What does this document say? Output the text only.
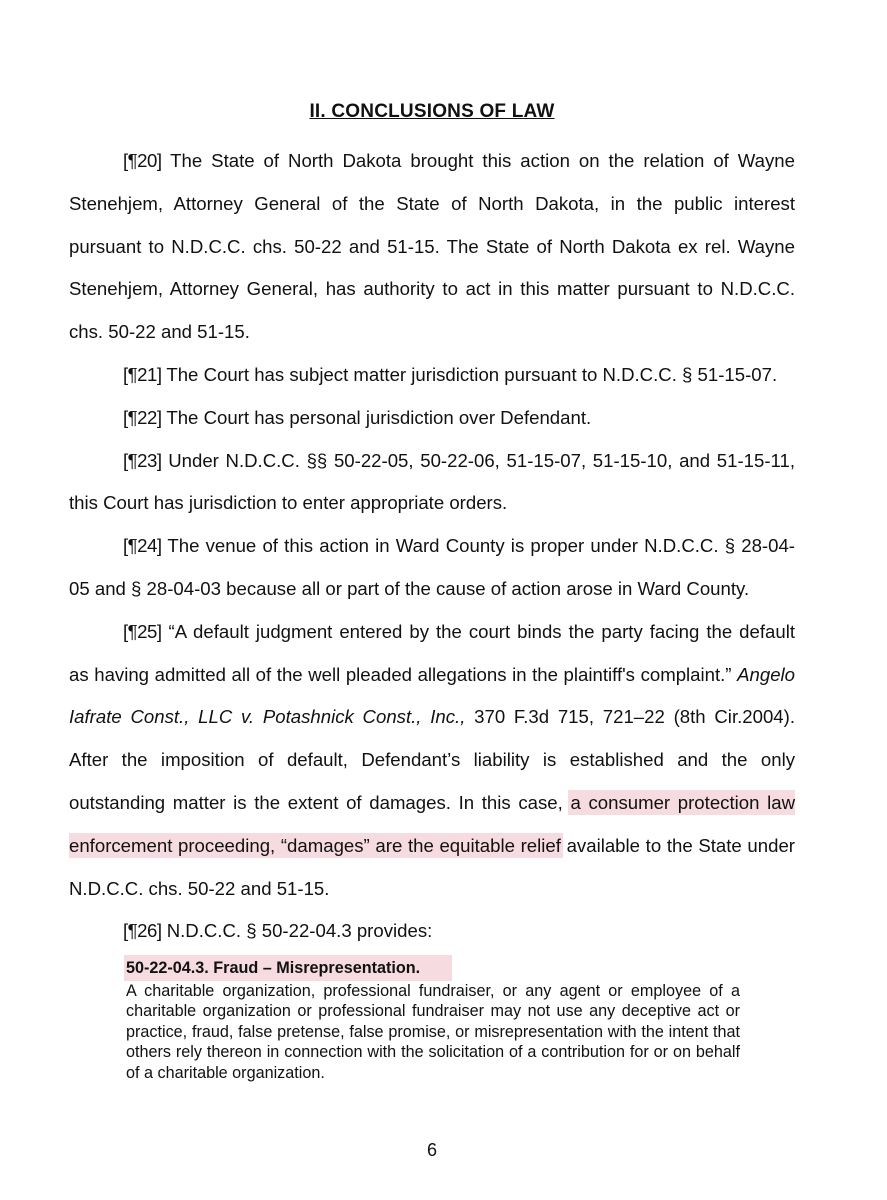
II. CONCLUSIONS OF LAW

[¶20] The State of North Dakota brought this action on the relation of Wayne Stenehjem, Attorney General of the State of North Dakota, in the public interest pursuant to N.D.C.C. chs. 50-22 and 51-15. The State of North Dakota ex rel. Wayne Stenehjem, Attorney General, has authority to act in this matter pursuant to N.D.C.C. chs. 50-22 and 51-15.

[¶21] The Court has subject matter jurisdiction pursuant to N.D.C.C. § 51-15-07.

[¶22] The Court has personal jurisdiction over Defendant.

[¶23] Under N.D.C.C. §§ 50-22-05, 50-22-06, 51-15-07, 51-15-10, and 51-15-11, this Court has jurisdiction to enter appropriate orders.

[¶24] The venue of this action in Ward County is proper under N.D.C.C. § 28-04-05 and § 28-04-03 because all or part of the cause of action arose in Ward County.

[¶25] “A default judgment entered by the court binds the party facing the default as having admitted all of the well pleaded allegations in the plaintiff's complaint.” Angelo Iafrate Const., LLC v. Potashnick Const., Inc., 370 F.3d 715, 721–22 (8th Cir.2004). After the imposition of default, Defendant’s liability is established and the only outstanding matter is the extent of damages. In this case, a consumer protection law enforcement proceeding, “damages” are the equitable relief available to the State under N.D.C.C. chs. 50-22 and 51-15.

[¶26] N.D.C.C. § 50-22-04.3 provides:

50-22-04.3. Fraud – Misrepresentation.
A charitable organization, professional fundraiser, or any agent or employee of a charitable organization or professional fundraiser may not use any deceptive act or practice, fraud, false pretense, false promise, or misrepresentation with the intent that others rely thereon in connection with the solicitation of a contribution for or on behalf of a charitable organization.
6
